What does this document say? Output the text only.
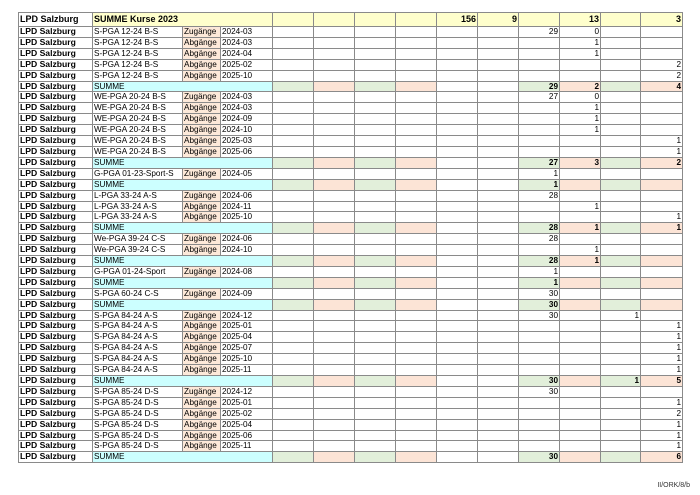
LPD Salzburg	SUMME Kurse 2023							156	9		13		3
LPD Salzburg	S-PGA 12-24 B-S	Zugänge	2024-03							29	0		
LPD Salzburg	S-PGA 12-24 B-S	Abgänge	2024-03								1		
LPD Salzburg	S-PGA 12-24 B-S	Abgänge	2024-04								1		
LPD Salzburg	S-PGA 12-24 B-S	Abgänge	2025-02										2
LPD Salzburg	S-PGA 12-24 B-S	Abgänge	2025-10										2
LPD Salzburg	SUMME									29	2		4
LPD Salzburg	WE-PGA 20-24 B-S	Zugänge	2024-03							27	0		
LPD Salzburg	WE-PGA 20-24 B-S	Abgänge	2024-03								1		
LPD Salzburg	WE-PGA 20-24 B-S	Abgänge	2024-09								1		
LPD Salzburg	WE-PGA 20-24 B-S	Abgänge	2024-10								1		
LPD Salzburg	WE-PGA 20-24 B-S	Abgänge	2025-03										1
LPD Salzburg	WE-PGA 20-24 B-S	Abgänge	2025-06										1
LPD Salzburg	SUMME									27	3		2
LPD Salzburg	G-PGA 01-23-Sport-S	Zugänge	2024-05							1			
LPD Salzburg	SUMME									1			
LPD Salzburg	L-PGA 33-24 A-S	Zugänge	2024-06							28			
LPD Salzburg	L-PGA 33-24 A-S	Abgänge	2024-11								1		
LPD Salzburg	L-PGA 33-24 A-S	Abgänge	2025-10										1
LPD Salzburg	SUMME									28	1		1
LPD Salzburg	We-PGA 39-24 C-S	Zugänge	2024-06							28			
LPD Salzburg	We-PGA 39-24 C-S	Abgänge	2024-10								1		
LPD Salzburg	SUMME									28	1		
LPD Salzburg	G-PGA 01-24-Sport	Zugänge	2024-08							1			
LPD Salzburg	SUMME									1			
LPD Salzburg	S-PGA 60-24 C-S	Zugänge	2024-09							30			
LPD Salzburg	SUMME									30			
LPD Salzburg	S-PGA 84-24 A-S	Zugänge	2024-12							30		1	
LPD Salzburg	S-PGA 84-24 A-S	Abgänge	2025-01										1
LPD Salzburg	S-PGA 84-24 A-S	Abgänge	2025-04										1
LPD Salzburg	S-PGA 84-24 A-S	Abgänge	2025-07										1
LPD Salzburg	S-PGA 84-24 A-S	Abgänge	2025-10										1
LPD Salzburg	S-PGA 84-24 A-S	Abgänge	2025-11										1
LPD Salzburg	SUMME									30		1	5
LPD Salzburg	S-PGA 85-24 D-S	Zugänge	2024-12							30			
LPD Salzburg	S-PGA 85-24 D-S	Abgänge	2025-01										1
LPD Salzburg	S-PGA 85-24 D-S	Abgänge	2025-02										2
LPD Salzburg	S-PGA 85-24 D-S	Abgänge	2025-04										1
LPD Salzburg	S-PGA 85-24 D-S	Abgänge	2025-06										1
LPD Salzburg	S-PGA 85-24 D-S	Abgänge	2025-11										1
LPD Salzburg	SUMME									30			6
II/ORK/8/b
